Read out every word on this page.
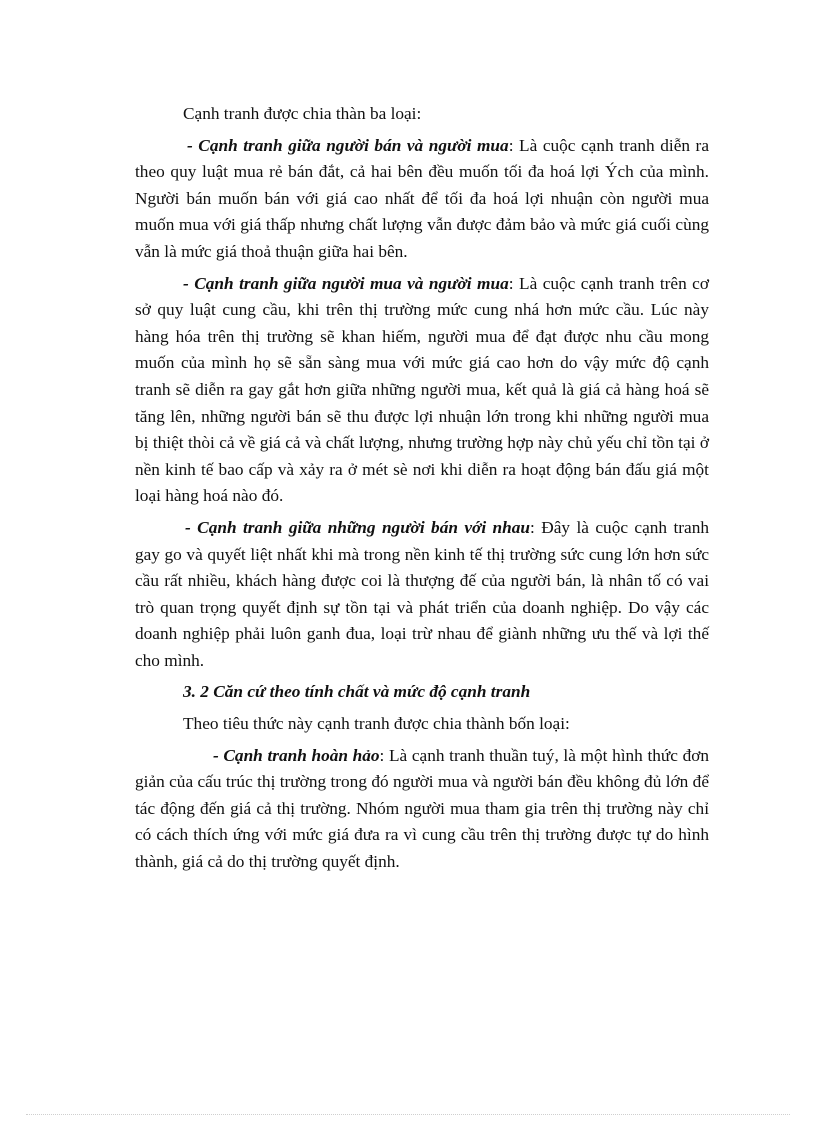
Cạnh tranh được chia thàn ba loại:

- Cạnh tranh giữa người bán và người mua: Là cuộc cạnh tranh diễn ra theo quy luật mua rẻ bán đắt, cả hai bên đều muốn tối đa hoá lợi Ých của mình. Người bán muốn bán với giá cao nhất để tối đa hoá lợi nhuận còn người mua muốn mua với giá thấp nhưng chất lượng vẫn được đảm bảo và mức giá cuối cùng vẫn là mức giá thoả thuận giữa hai bên.

- Cạnh tranh giữa người mua và người mua: Là cuộc cạnh tranh trên cơ sở quy luật cung cầu, khi trên thị trường mức cung nhá hơn mức cầu. Lúc này hàng hóa trên thị trường sẽ khan hiếm, người mua để đạt được nhu cầu mong muốn của mình họ sẽ sẵn sàng mua với mức giá cao hơn do vậy mức độ cạnh tranh sẽ diễn ra gay gắt hơn giữa những người mua, kết quả là giá cả hàng hoá sẽ tăng lên, những người bán sẽ thu được lợi nhuận lớn trong khi những người mua bị thiệt thòi cả về giá cả và chất lượng, nhưng trường hợp này chủ yếu chỉ tồn tại ở nền kinh tế bao cấp và xảy ra ở mét sè nơi khi diễn ra hoạt động bán đấu giá một loại hàng hoá nào đó.

- Cạnh tranh giữa những người bán với nhau: Đây là cuộc cạnh tranh gay go và quyết liệt nhất khi mà trong nền kinh tế thị trường sức cung lớn hơn sức cầu rất nhiều, khách hàng được coi là thượng đế của người bán, là nhân tố có vai trò quan trọng quyết định sự tồn tại và phát triển của doanh nghiệp. Do vậy các doanh nghiệp phải luôn ganh đua, loại trừ nhau để giành những ưu thế và lợi thế cho mình.

3. 2 Căn cứ theo tính chất và mức độ cạnh tranh

Theo tiêu thức này cạnh tranh được chia thành bốn loại:

- Cạnh tranh hoàn hảo: Là cạnh tranh thuần tuý, là một hình thức đơn giản của cấu trúc thị trường trong đó người mua và người bán đều không đủ lớn để tác động đến giá cả thị trường. Nhóm người mua tham gia trên thị trường này chỉ có cách thích ứng với mức giá đưa ra vì cung cầu trên thị trường được tự do hình thành, giá cả do thị trường quyết định.
